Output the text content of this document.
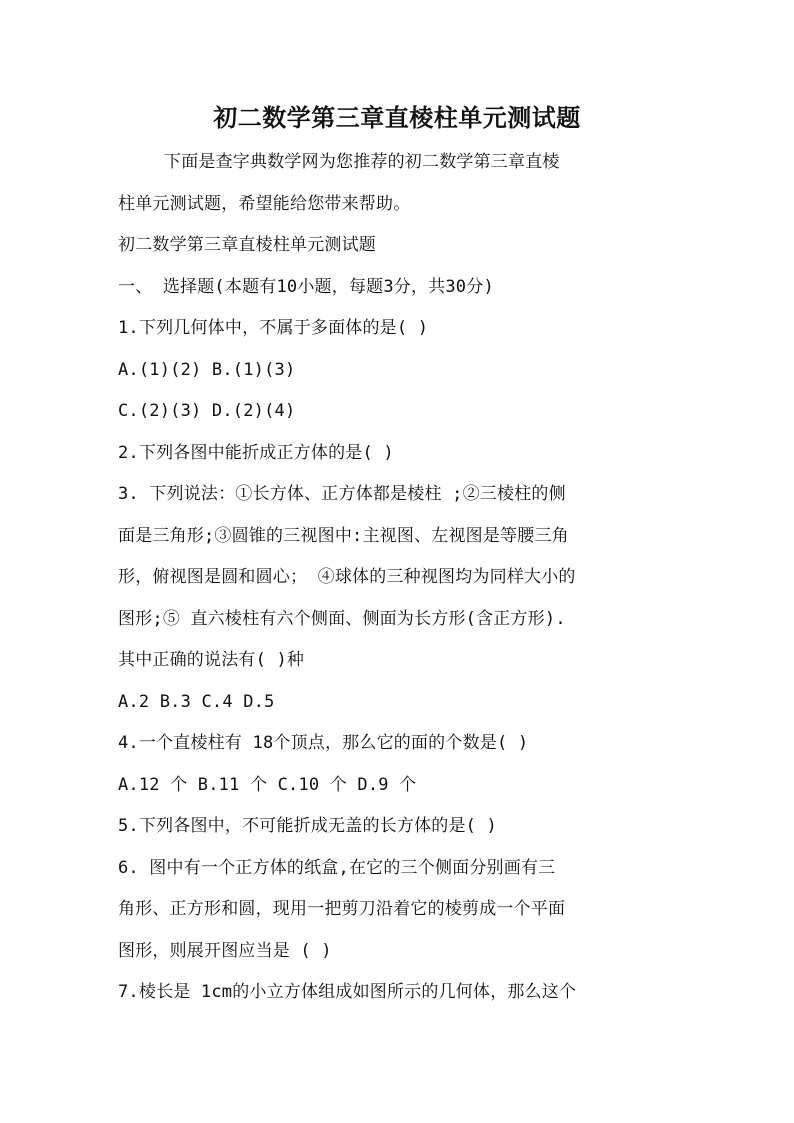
初二数学第三章直棱柱单元测试题
下面是查字典数学网为您推荐的初二数学第三章直棱
柱单元测试题，希望能给您带来帮助。
初二数学第三章直棱柱单元测试题
一、 选择题(本题有10小题，每题3分，共30分)
1.下列几何体中，不属于多面体的是( )
A.(1)(2) B.(1)(3)
C.(2)(3) D.(2)(4)
2.下列各图中能折成正方体的是( )
3. 下列说法：①长方体、正方体都是棱柱 ;②三棱柱的侧
面是三角形;③圆锥的三视图中:主视图、左视图是等腰三角
形，俯视图是圆和圆心； ④球体的三种视图均为同样大小的
图形;⑤ 直六棱柱有六个侧面、侧面为长方形(含正方形).
其中正确的说法有( )种
A.2 B.3 C.4 D.5
4.一个直棱柱有 18个顶点，那么它的面的个数是( )
A.12 个 B.11 个 C.10 个 D.9 个
5.下列各图中，不可能折成无盖的长方体的是( )
6. 图中有一个正方体的纸盒,在它的三个侧面分别画有三
角形、正方形和圆，现用一把剪刀沿着它的棱剪成一个平面
图形，则展开图应当是 ( )
7.棱长是 1cm的小立方体组成如图所示的几何体，那么这个
